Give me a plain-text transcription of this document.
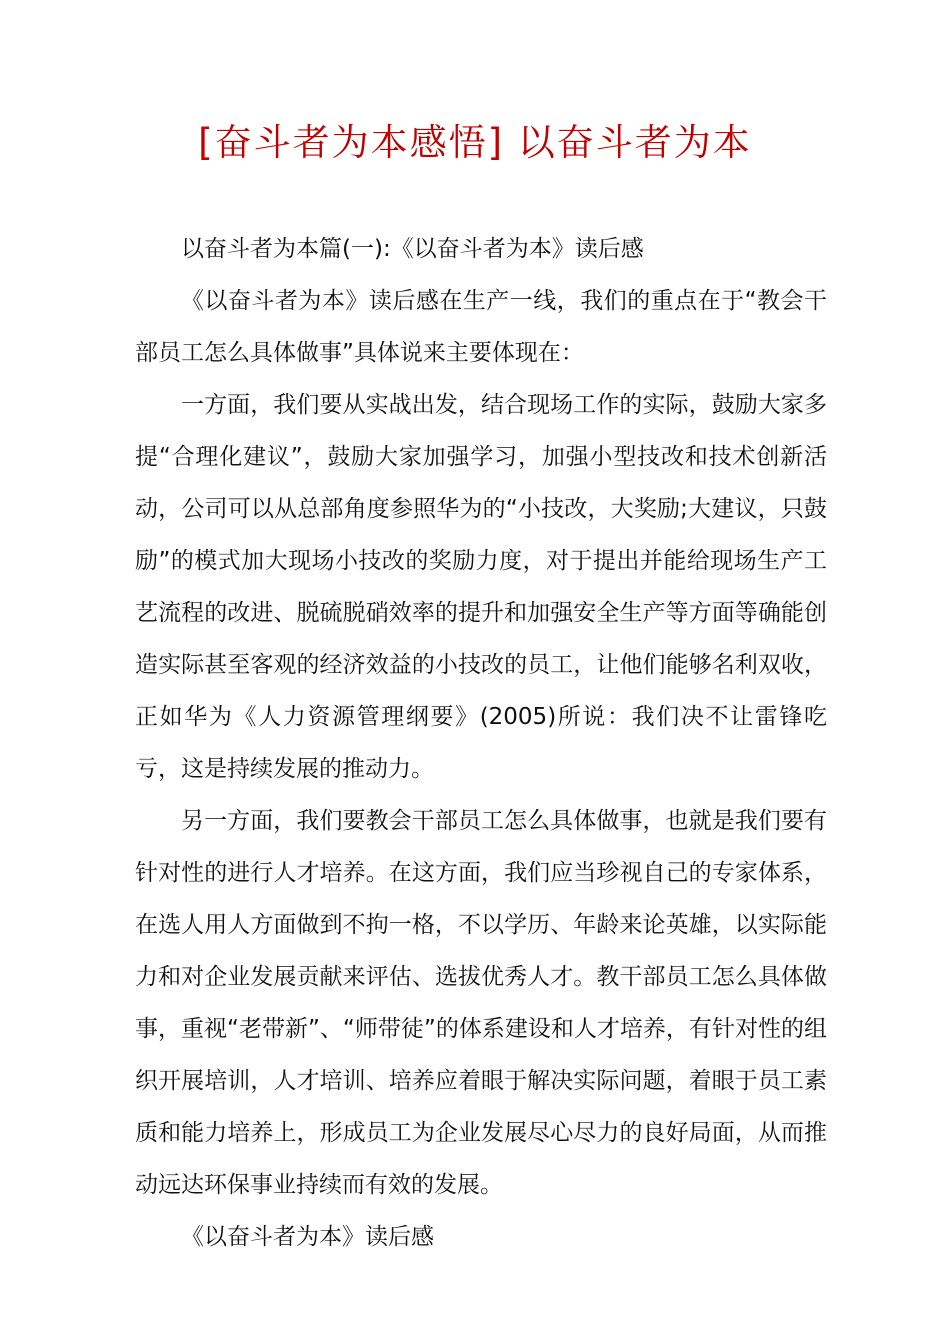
[奋斗者为本感悟] 以奋斗者为本

以奋斗者为本篇(一):《以奋斗者为本》读后感

《以奋斗者为本》读后感在生产一线，我们的重点在于“教会干部员工怎么具体做事”具体说来主要体现在：

一方面，我们要从实战出发，结合现场工作的实际，鼓励大家多提“合理化建议”，鼓励大家加强学习，加强小型技改和技术创新活动，公司可以从总部角度参照华为的“小技改，大奖励;大建议，只鼓励”的模式加大现场小技改的奖励力度，对于提出并能给现场生产工艺流程的改进、脱硫脱硝效率的提升和加强安全生产等方面等确能创造实际甚至客观的经济效益的小技改的员工，让他们能够名利双收，正如华为《人力资源管理纲要》(2005)所说：我们决不让雷锋吃亏，这是持续发展的推动力。

另一方面，我们要教会干部员工怎么具体做事，也就是我们要有针对性的进行人才培养。在这方面，我们应当珍视自己的专家体系，在选人用人方面做到不拘一格，不以学历、年龄来论英雄，以实际能力和对企业发展贡献来评估、选拔优秀人才。教干部员工怎么具体做事，重视“老带新”、“师带徒”的体系建设和人才培养，有针对性的组织开展培训，人才培训、培养应着眼于解决实际问题，着眼于员工素质和能力培养上，形成员工为企业发展尽心尽力的良好局面，从而推动远达环保事业持续而有效的发展。

《以奋斗者为本》读后感
